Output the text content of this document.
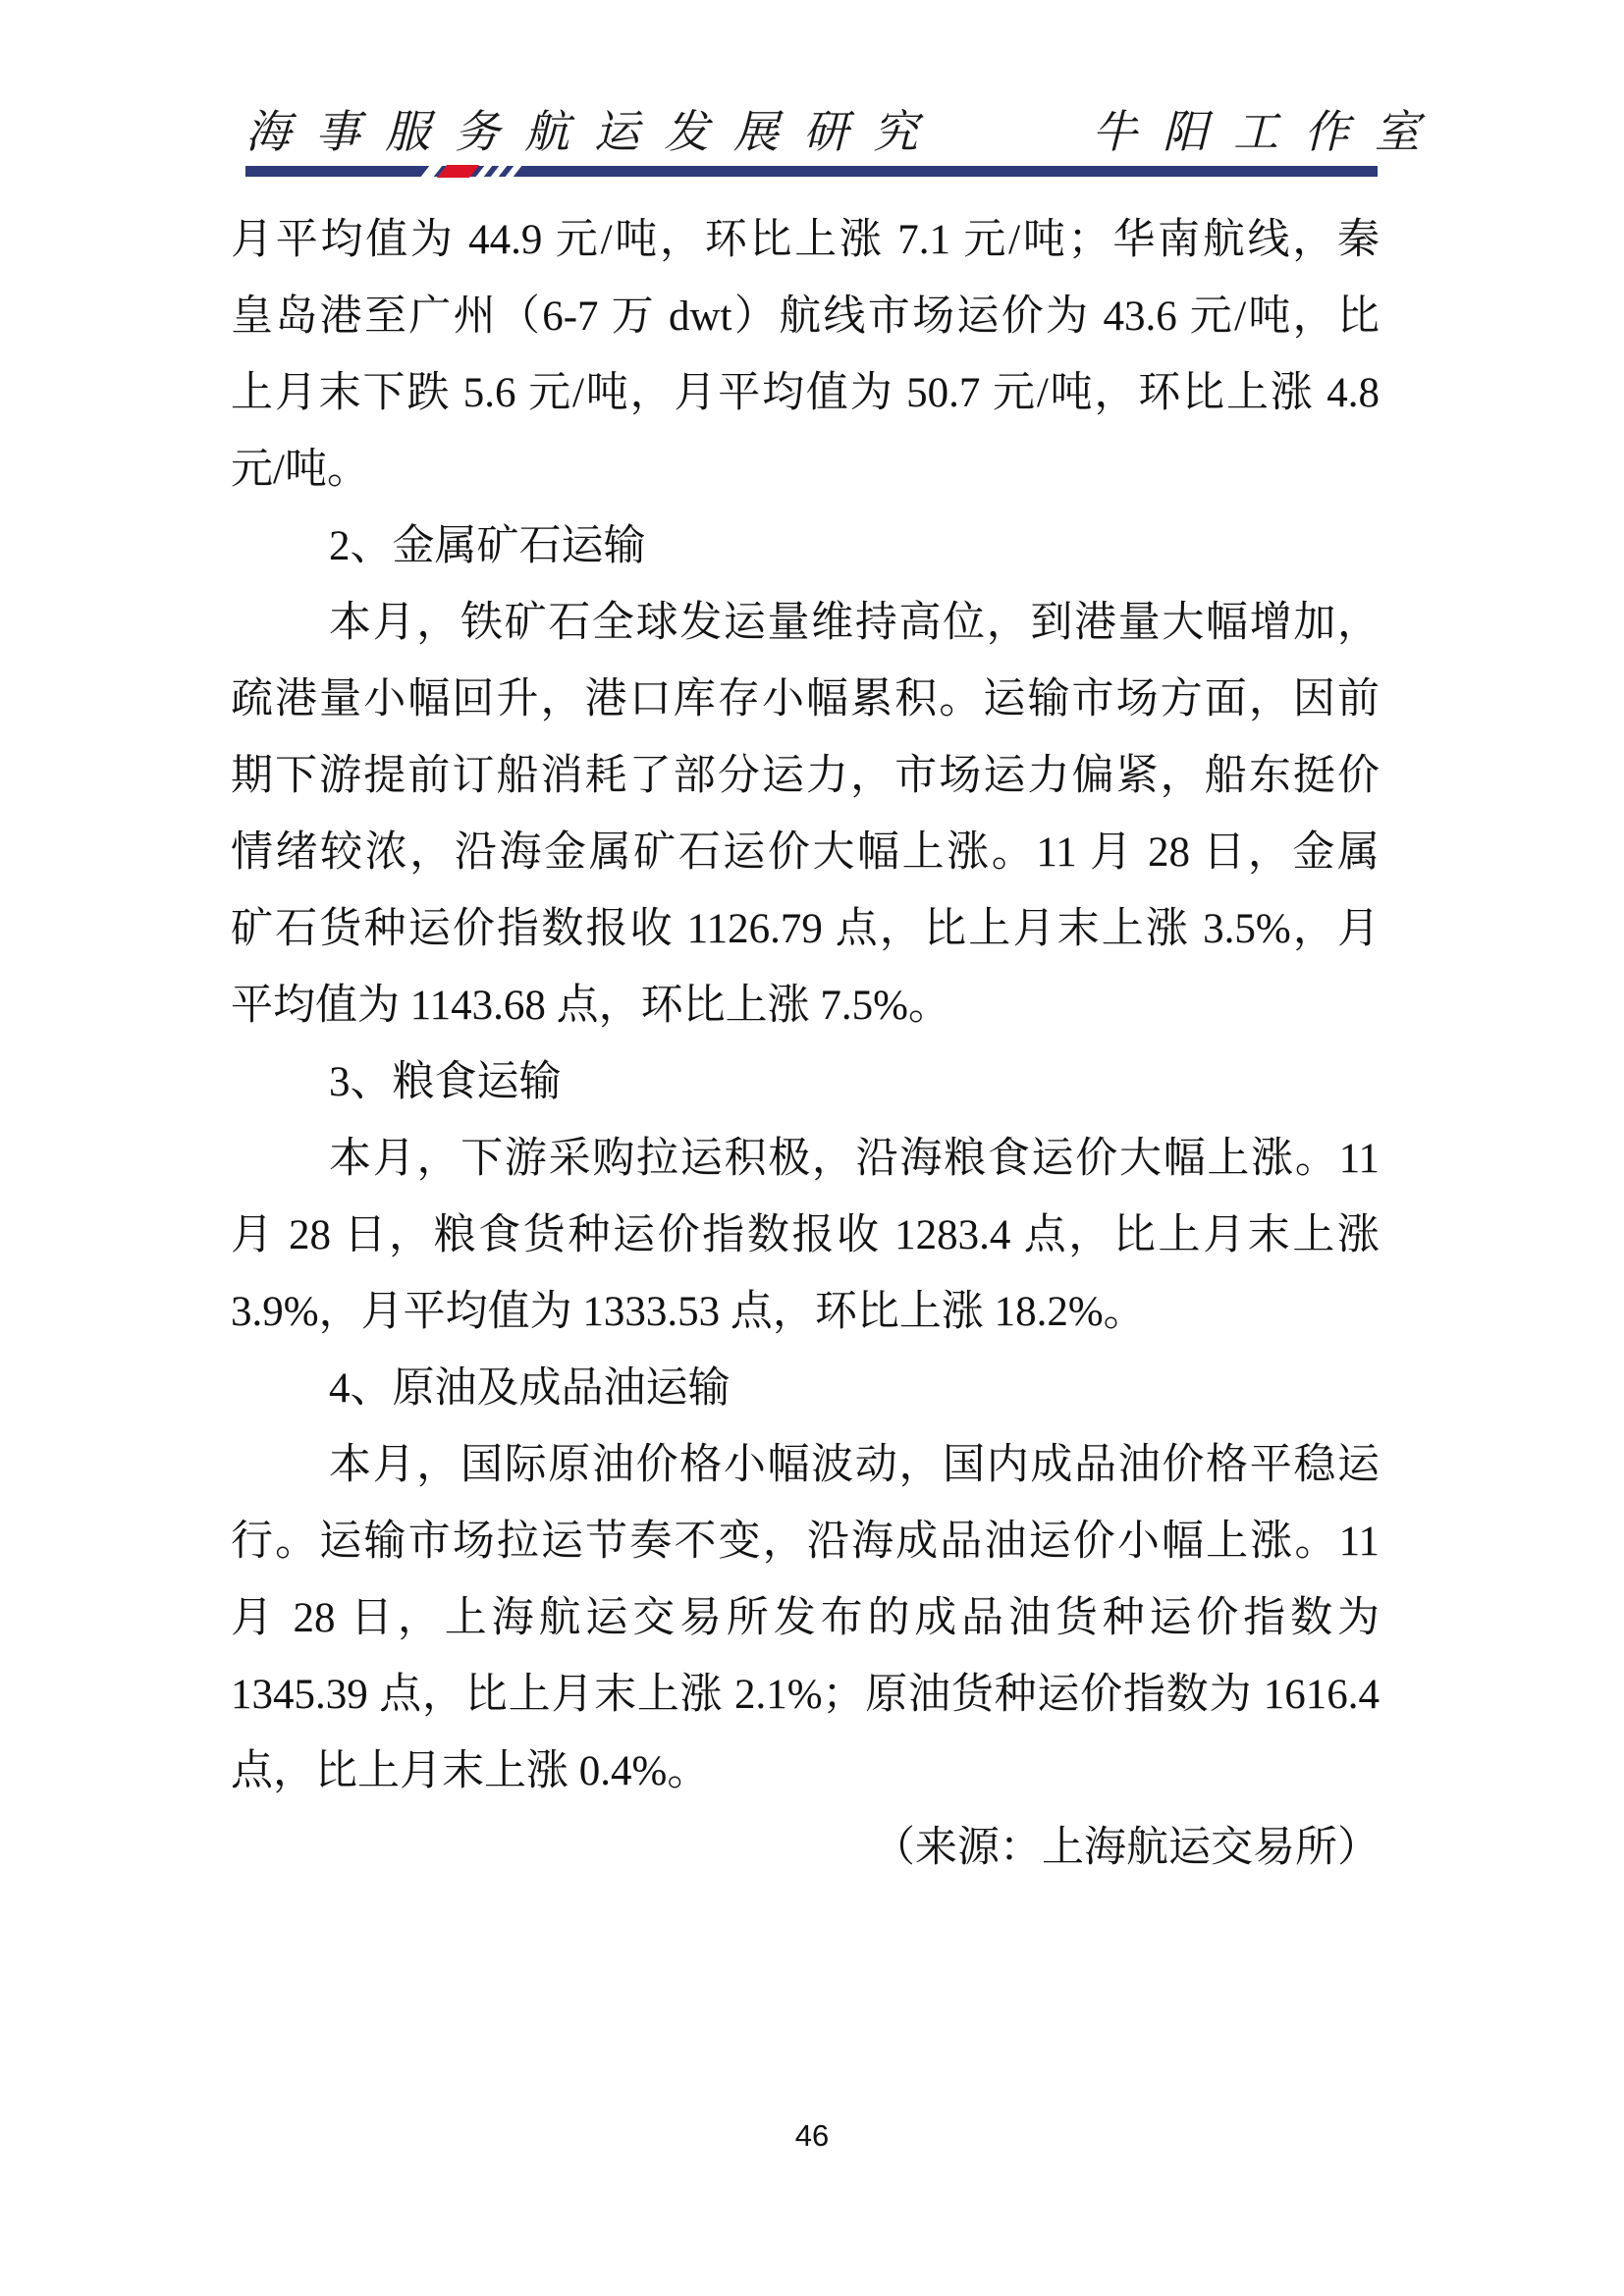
海事服务航运发展研究	牛阳工作室
月平均值为 44.9 元/吨，环比上涨 7.1 元/吨；华南航线，秦
皇岛港至广州（6-7 万 dwt）航线市场运价为 43.6 元/吨，比
上月末下跌 5.6 元/吨，月平均值为 50.7 元/吨，环比上涨 4.8
元/吨。
2、金属矿石运输
本月，铁矿石全球发运量维持高位，到港量大幅增加，
疏港量小幅回升，港口库存小幅累积。运输市场方面，因前
期下游提前订船消耗了部分运力，市场运力偏紧，船东挺价
情绪较浓，沿海金属矿石运价大幅上涨。11 月 28 日，金属
矿石货种运价指数报收 1126.79 点，比上月末上涨 3.5%，月
平均值为 1143.68 点，环比上涨 7.5%。
3、粮食运输
本月，下游采购拉运积极，沿海粮食运价大幅上涨。11
月 28 日，粮食货种运价指数报收 1283.4 点，比上月末上涨
3.9%，月平均值为 1333.53 点，环比上涨 18.2%。
4、原油及成品油运输
本月，国际原油价格小幅波动，国内成品油价格平稳运
行。运输市场拉运节奏不变，沿海成品油运价小幅上涨。11
月 28 日，上海航运交易所发布的成品油货种运价指数为
1345.39 点，比上月末上涨 2.1%；原油货种运价指数为 1616.4
点，比上月末上涨 0.4%。
（来源：上海航运交易所）
46
